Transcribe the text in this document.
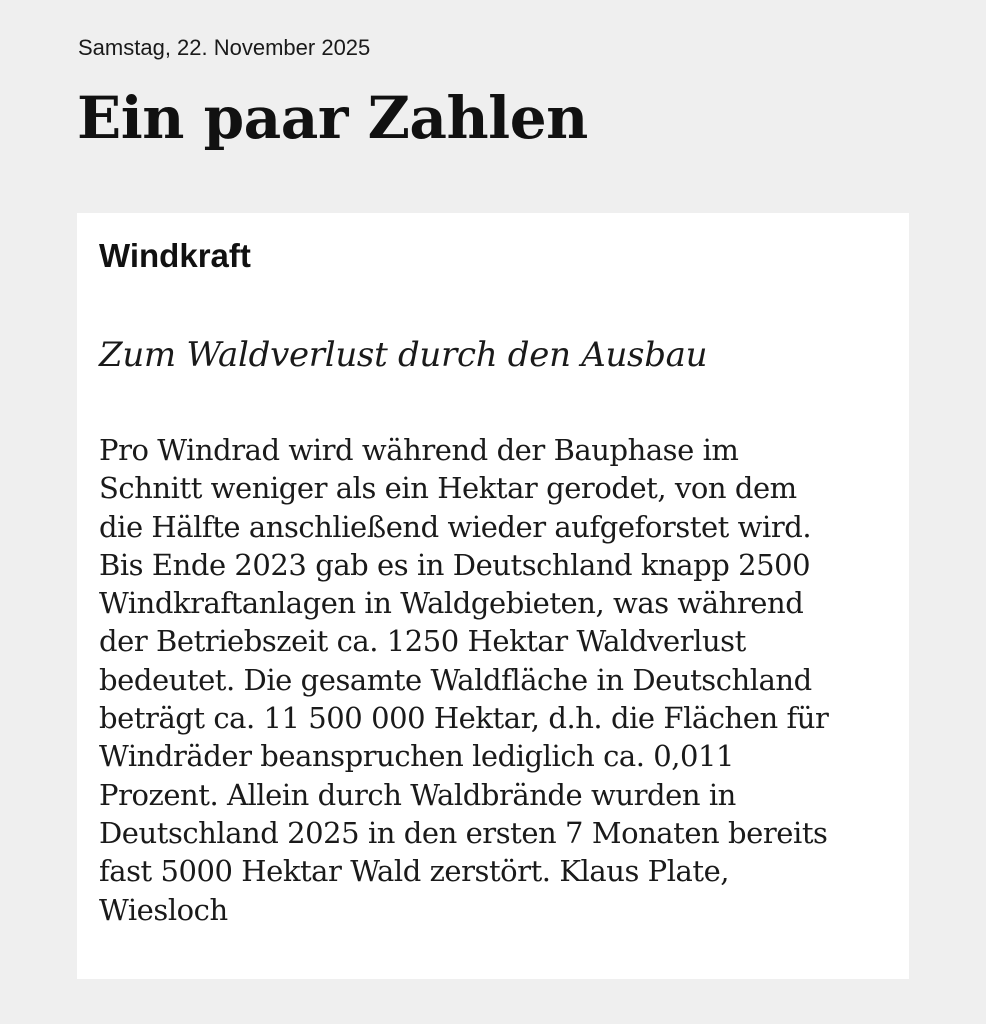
Samstag, 22. November 2025
Ein paar Zahlen
Windkraft
Zum Waldverlust durch den Ausbau

Pro Windrad wird während der Bauphase im
Schnitt weniger als ein Hektar gerodet, von dem
die Hälfte anschließend wieder aufgeforstet wird.
Bis Ende 2023 gab es in Deutschland knapp 2500
Windkraftanlagen in Waldgebieten, was während
der Betriebszeit ca. 1250 Hektar Waldverlust
bedeutet. Die gesamte Waldfläche in Deutschland
beträgt ca. 11 500 000 Hektar, d.h. die Flächen für
Windräder beanspruchen lediglich ca. 0,011
Prozent. Allein durch Waldbrände wurden in
Deutschland 2025 in den ersten 7 Monaten bereits
fast 5000 Hektar Wald zerstört. Klaus Plate,
Wiesloch
